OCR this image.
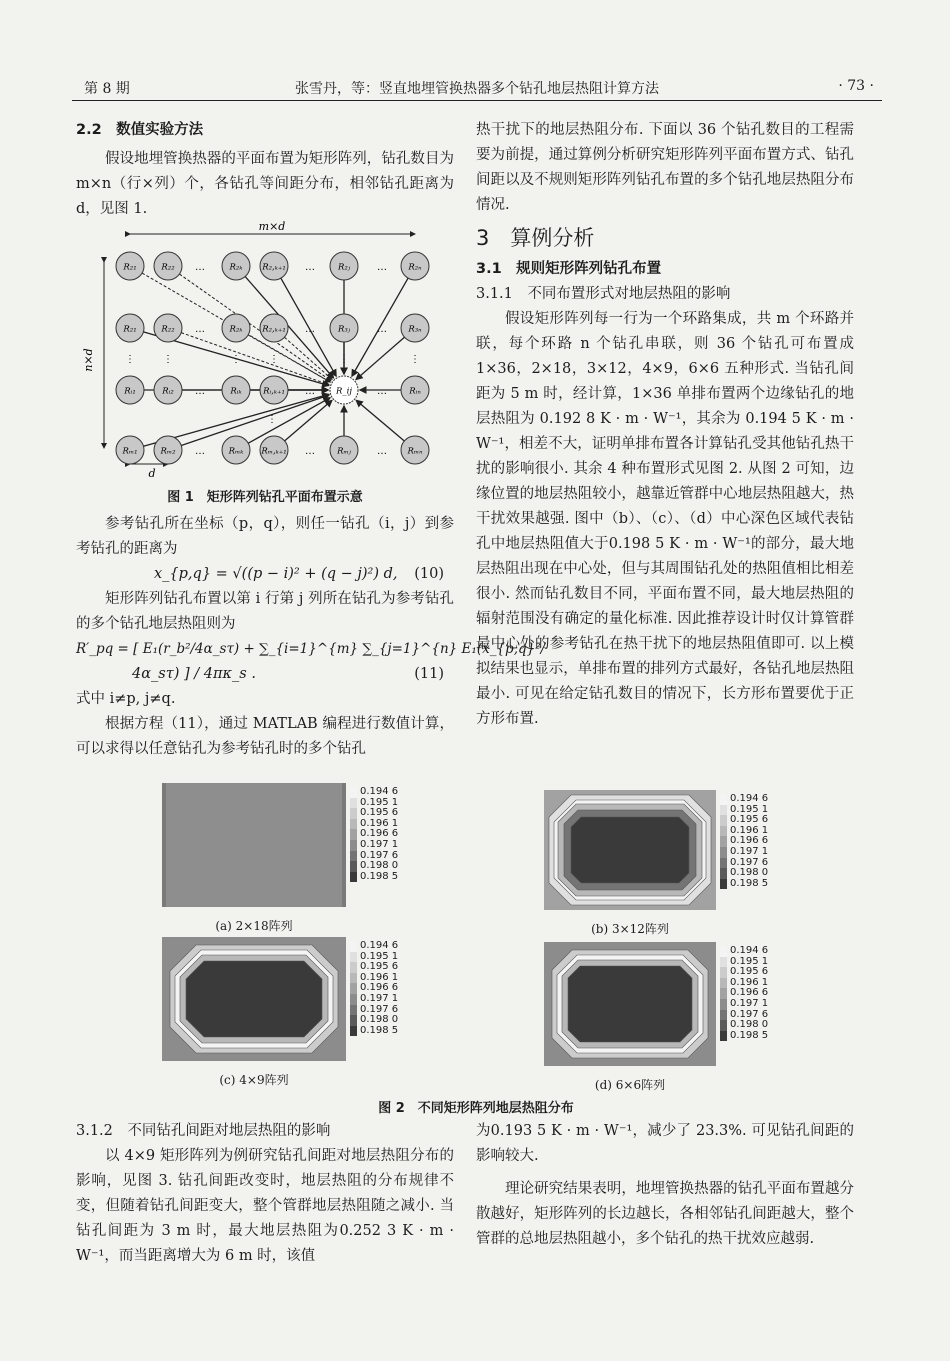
第 8 期	张雪丹，等：竖直地埋管换热器多个钻孔地层热阻计算方法	· 73 ·
2.2　数值实验方法
假设地埋管换热器的平面布置为矩形阵列，钻孔数目为 m×n（行×列）个，各钻孔等间距分布，相邻钻孔距离为 d，见图 1.
m×d
n×d
d
R₂₁	R₂₂	R₂ₖ R₂,ₖ₊₁	R₂ⱼ	R₂ₙ
…	…	…
R₂₁	R₂₂	R₂ₖ R₂,ₖ₊₁	R₃ⱼ	R₃ₙ
…	…	…
Rᵢ₁	Rᵢ₂	Rᵢₖ	Rᵢ,ₖ₊₁	R_ij	Rᵢₙ
…	…	…
Rₘ₁	Rₘ₂	Rₘₖ Rₘ,ₖ₊₁	Rₘⱼ	Rₘₙ
…	…	…
⋮	⋮	⋮	⋮	⋮	⋮
⋮
图 1　矩形阵列钻孔平面布置示意
参考钻孔所在坐标（p，q），则任一钻孔（i，j）到参考钻孔的距离为
x_{p,q} = √((p − i)² + (q − j)²) d, (10)
矩形阵列钻孔布置以第 i 行第 j 列所在钻孔为参考钻孔的多个钻孔地层热阻则为
R′_pq = [ E₁(r_b²/4α_sτ) + ∑_{i=1}^{m} ∑_{j=1}^{n} E₁(x_{p,q}²/
4α_sτ) ] / 4πκ_s .	(11)
式中 i≠p, j≠q.
根据方程（11），通过 MATLAB 编程进行数值计算，可以求得以任意钻孔为参考钻孔时的多个钻孔
热干扰下的地层热阻分布. 下面以 36 个钻孔数目的工程需要为前提，通过算例分析研究矩形阵列平面布置方式、钻孔间距以及不规则矩形阵列钻孔布置的多个钻孔地层热阻分布情况.
3　算例分析
3.1　规则矩形阵列钻孔布置
3.1.1　不同布置形式对地层热阻的影响
假设矩形阵列每一行为一个环路集成，共 m 个环路并联，每个环路 n 个钻孔串联，则 36 个钻孔可布置成 1×36，2×18，3×12，4×9，6×6 五种形式. 当钻孔间距为 5 m 时，经计算，1×36 单排布置两个边缘钻孔的地层热阻为 0.192 8 K · m · W⁻¹，其余为 0.194 5 K · m · W⁻¹，相差不大，证明单排布置各计算钻孔受其他钻孔热干扰的影响很小. 其余 4 种布置形式见图 2. 从图 2 可知，边缘位置的地层热阻较小，越靠近管群中心地层热阻越大，热干扰效果越强. 图中（b）、（c）、（d）中心深色区域代表钻孔中地层热阻值大于0.198 5 K · m · W⁻¹的部分，最大地层热阻出现在中心处，但与其周围钻孔处的热阻值相比相差很小. 然而钻孔数目不同，平面布置不同，最大地层热阻的辐射范围没有确定的量化标准. 因此推荐设计时仅计算管群最中心处的参考钻孔在热干扰下的地层热阻值即可. 以上模拟结果也显示，单排布置的排列方式最好，各钻孔地层热阻最小. 可见在给定钻孔数目的情况下，长方形布置要优于正方形布置.
0.194 6
0.195 1
0.195 6
0.196 1
0.196 6
0.197 1
0.197 6
0.198 0
0.198 5
(a) 2×18阵列
0.194 6
0.195 1
0.195 6
0.196 1
0.196 6
0.197 1
0.197 6
0.198 0
0.198 5
(b) 3×12阵列
0.194 6
0.195 1
0.195 6
0.196 1
0.196 6
0.197 1
0.197 6
0.198 0
0.198 5
(c) 4×9阵列
0.194 6
0.195 1
0.195 6
0.196 1
0.196 6
0.197 1
0.197 6
0.198 0
0.198 5
(d) 6×6阵列
图 2　不同矩形阵列地层热阻分布
3.1.2　不同钻孔间距对地层热阻的影响
以 4×9 矩形阵列为例研究钻孔间距对地层热阻分布的影响，见图 3. 钻孔间距改变时，地层热阻的分布规律不变，但随着钻孔间距变大，整个管群地层热阻随之减小. 当钻孔间距为 3 m 时，最大地层热阻为0.252 3 K · m · W⁻¹，而当距离增大为 6 m 时，该值
为0.193 5 K · m · W⁻¹，减少了 23.3%. 可见钻孔间距的影响较大.
理论研究结果表明，地埋管换热器的钻孔平面布置越分散越好，矩形阵列的长边越长，各相邻钻孔间距越大，整个管群的总地层热阻越小，多个钻孔的热干扰效应越弱.
